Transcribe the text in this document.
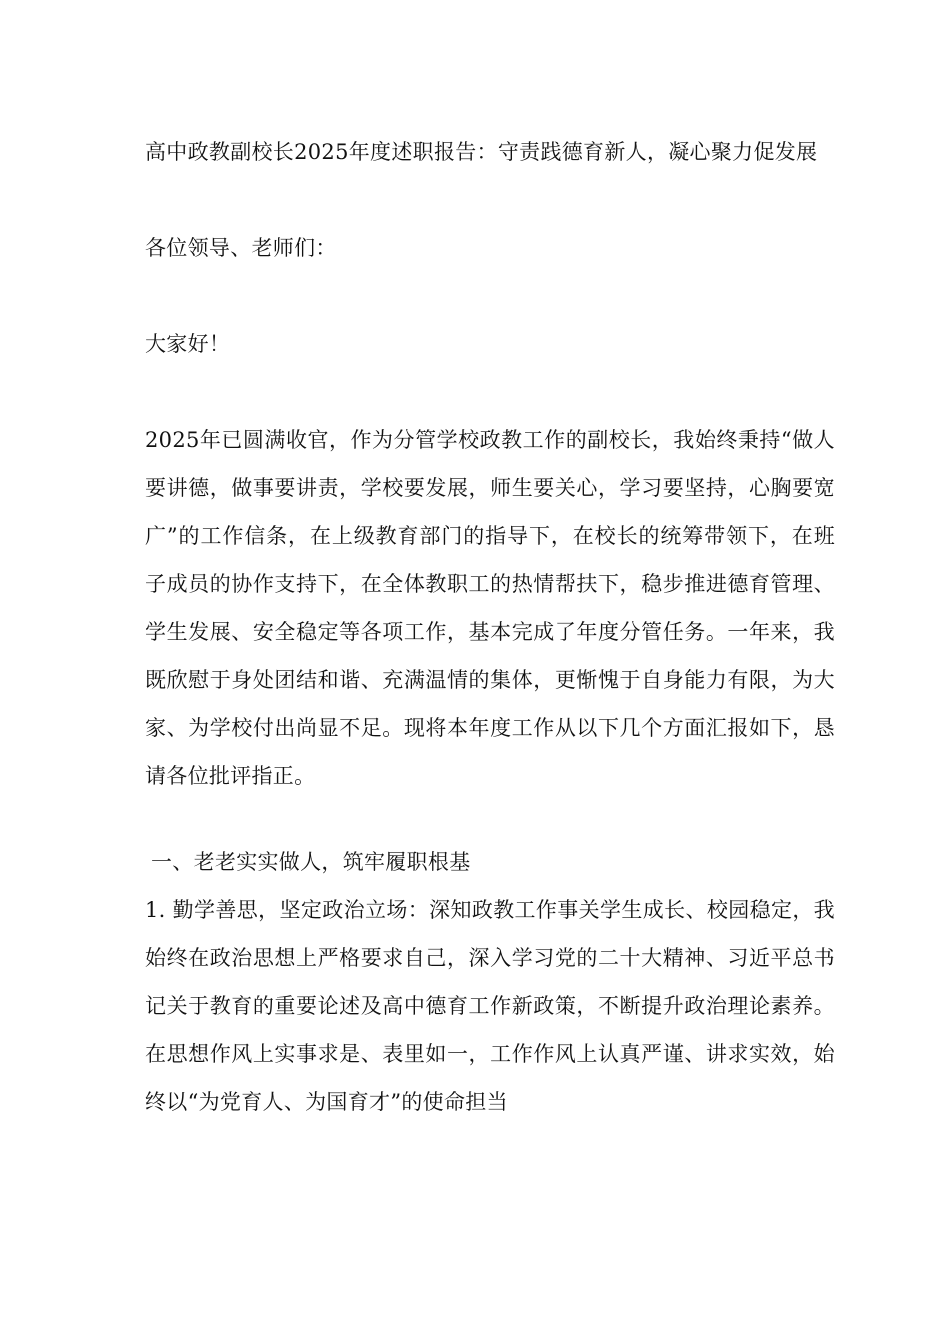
高中政教副校长2025年度述职报告：守责践德育新人，凝心聚力促发展

各位领导、老师们：

大家好！

2025年已圆满收官，作为分管学校政教工作的副校长，我始终秉持“做人要讲德，做事要讲责，学校要发展，师生要关心，学习要坚持，心胸要宽广”的工作信条，在上级教育部门的指导下，在校长的统筹带领下，在班子成员的协作支持下，在全体教职工的热情帮扶下，稳步推进德育管理、学生发展、安全稳定等各项工作，基本完成了年度分管任务。一年来，我既欣慰于身处团结和谐、充满温情的集体，更惭愧于自身能力有限，为大家、为学校付出尚显不足。现将本年度工作从以下几个方面汇报如下，恳请各位批评指正。

一、老老实实做人，筑牢履职根基

1. 勤学善思，坚定政治立场：深知政教工作事关学生成长、校园稳定，我始终在政治思想上严格要求自己，深入学习党的二十大精神、习近平总书记关于教育的重要论述及高中德育工作新政策，不断提升政治理论素养。在思想作风上实事求是、表里如一，工作作风上认真严谨、讲求实效，始终以“为党育人、为国育才”的使命担当
